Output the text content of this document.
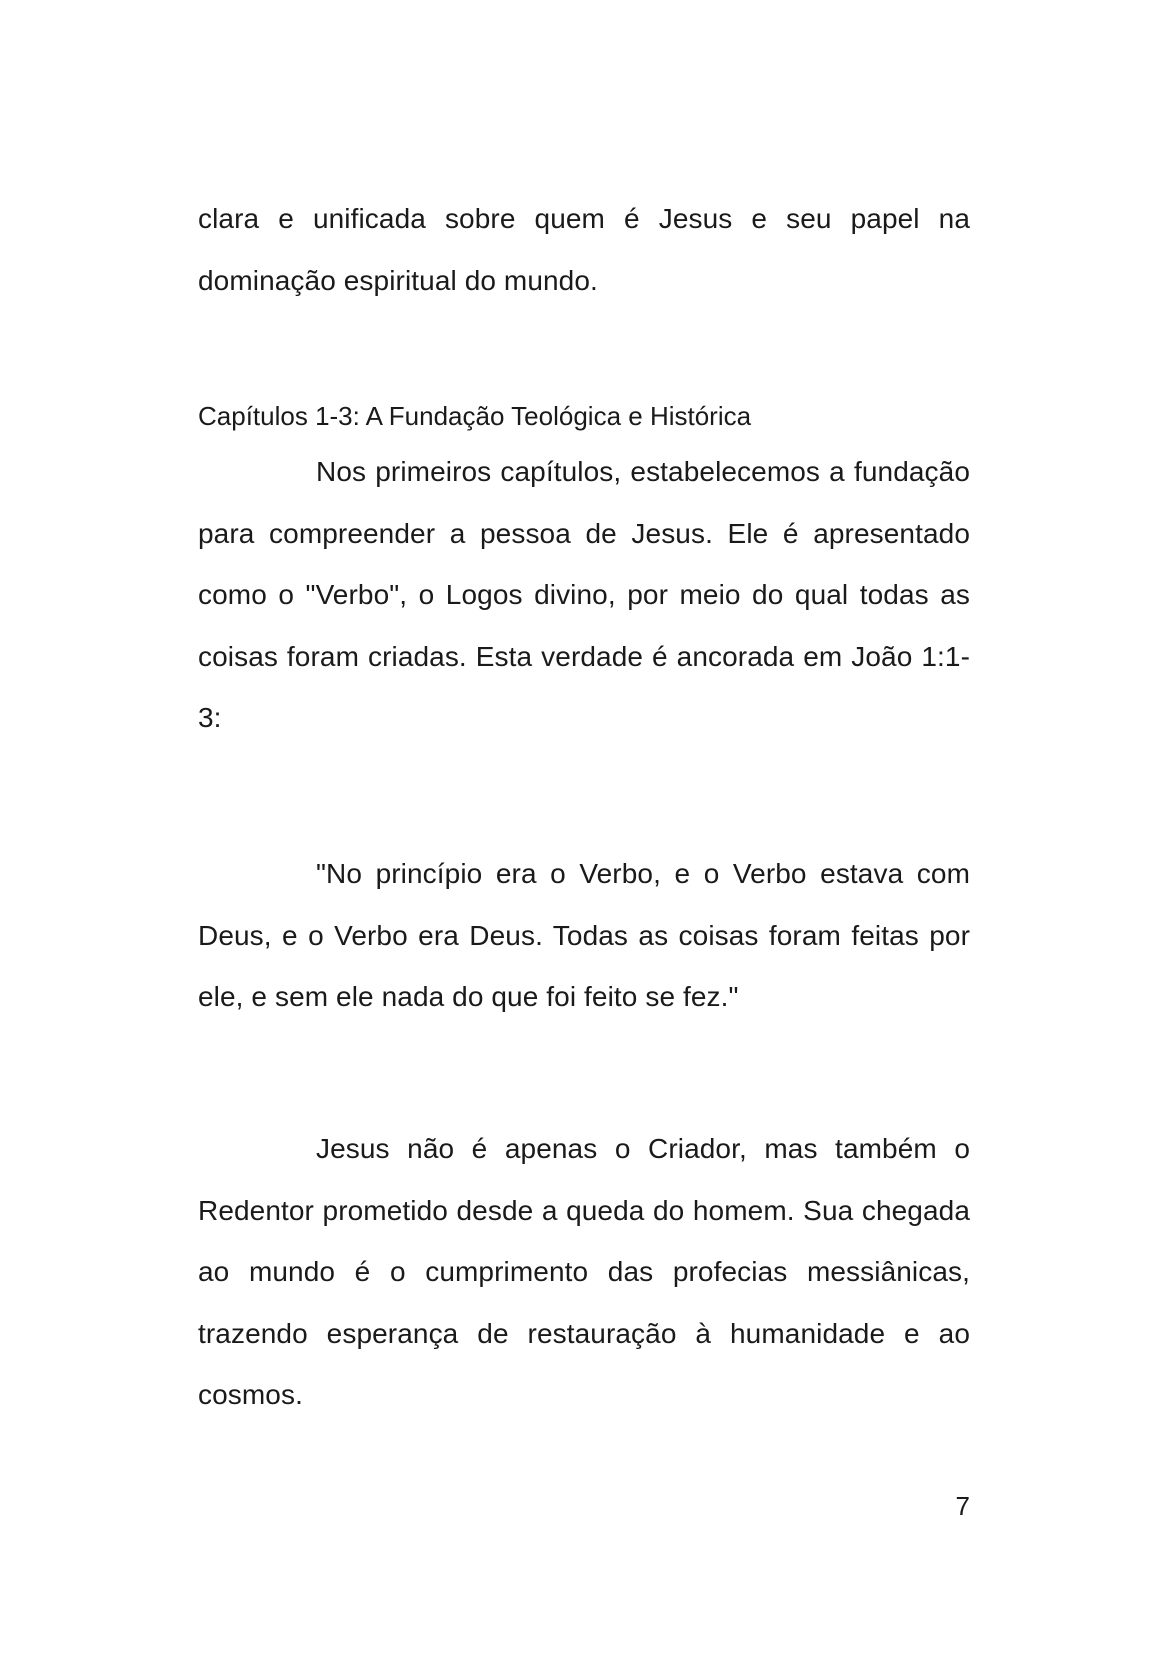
clara e unificada sobre quem é Jesus e seu papel na dominação espiritual do mundo.

Capítulos 1-3: A Fundação Teológica e Histórica

Nos primeiros capítulos, estabelecemos a fundação para compreender a pessoa de Jesus. Ele é apresentado como o "Verbo", o Logos divino, por meio do qual todas as coisas foram criadas. Esta verdade é ancorada em João 1:1-3:

"No princípio era o Verbo, e o Verbo estava com Deus, e o Verbo era Deus. Todas as coisas foram feitas por ele, e sem ele nada do que foi feito se fez."

Jesus não é apenas o Criador, mas também o Redentor prometido desde a queda do homem. Sua chegada ao mundo é o cumprimento das profecias messiânicas, trazendo esperança de restauração à humanidade e ao cosmos.

7
